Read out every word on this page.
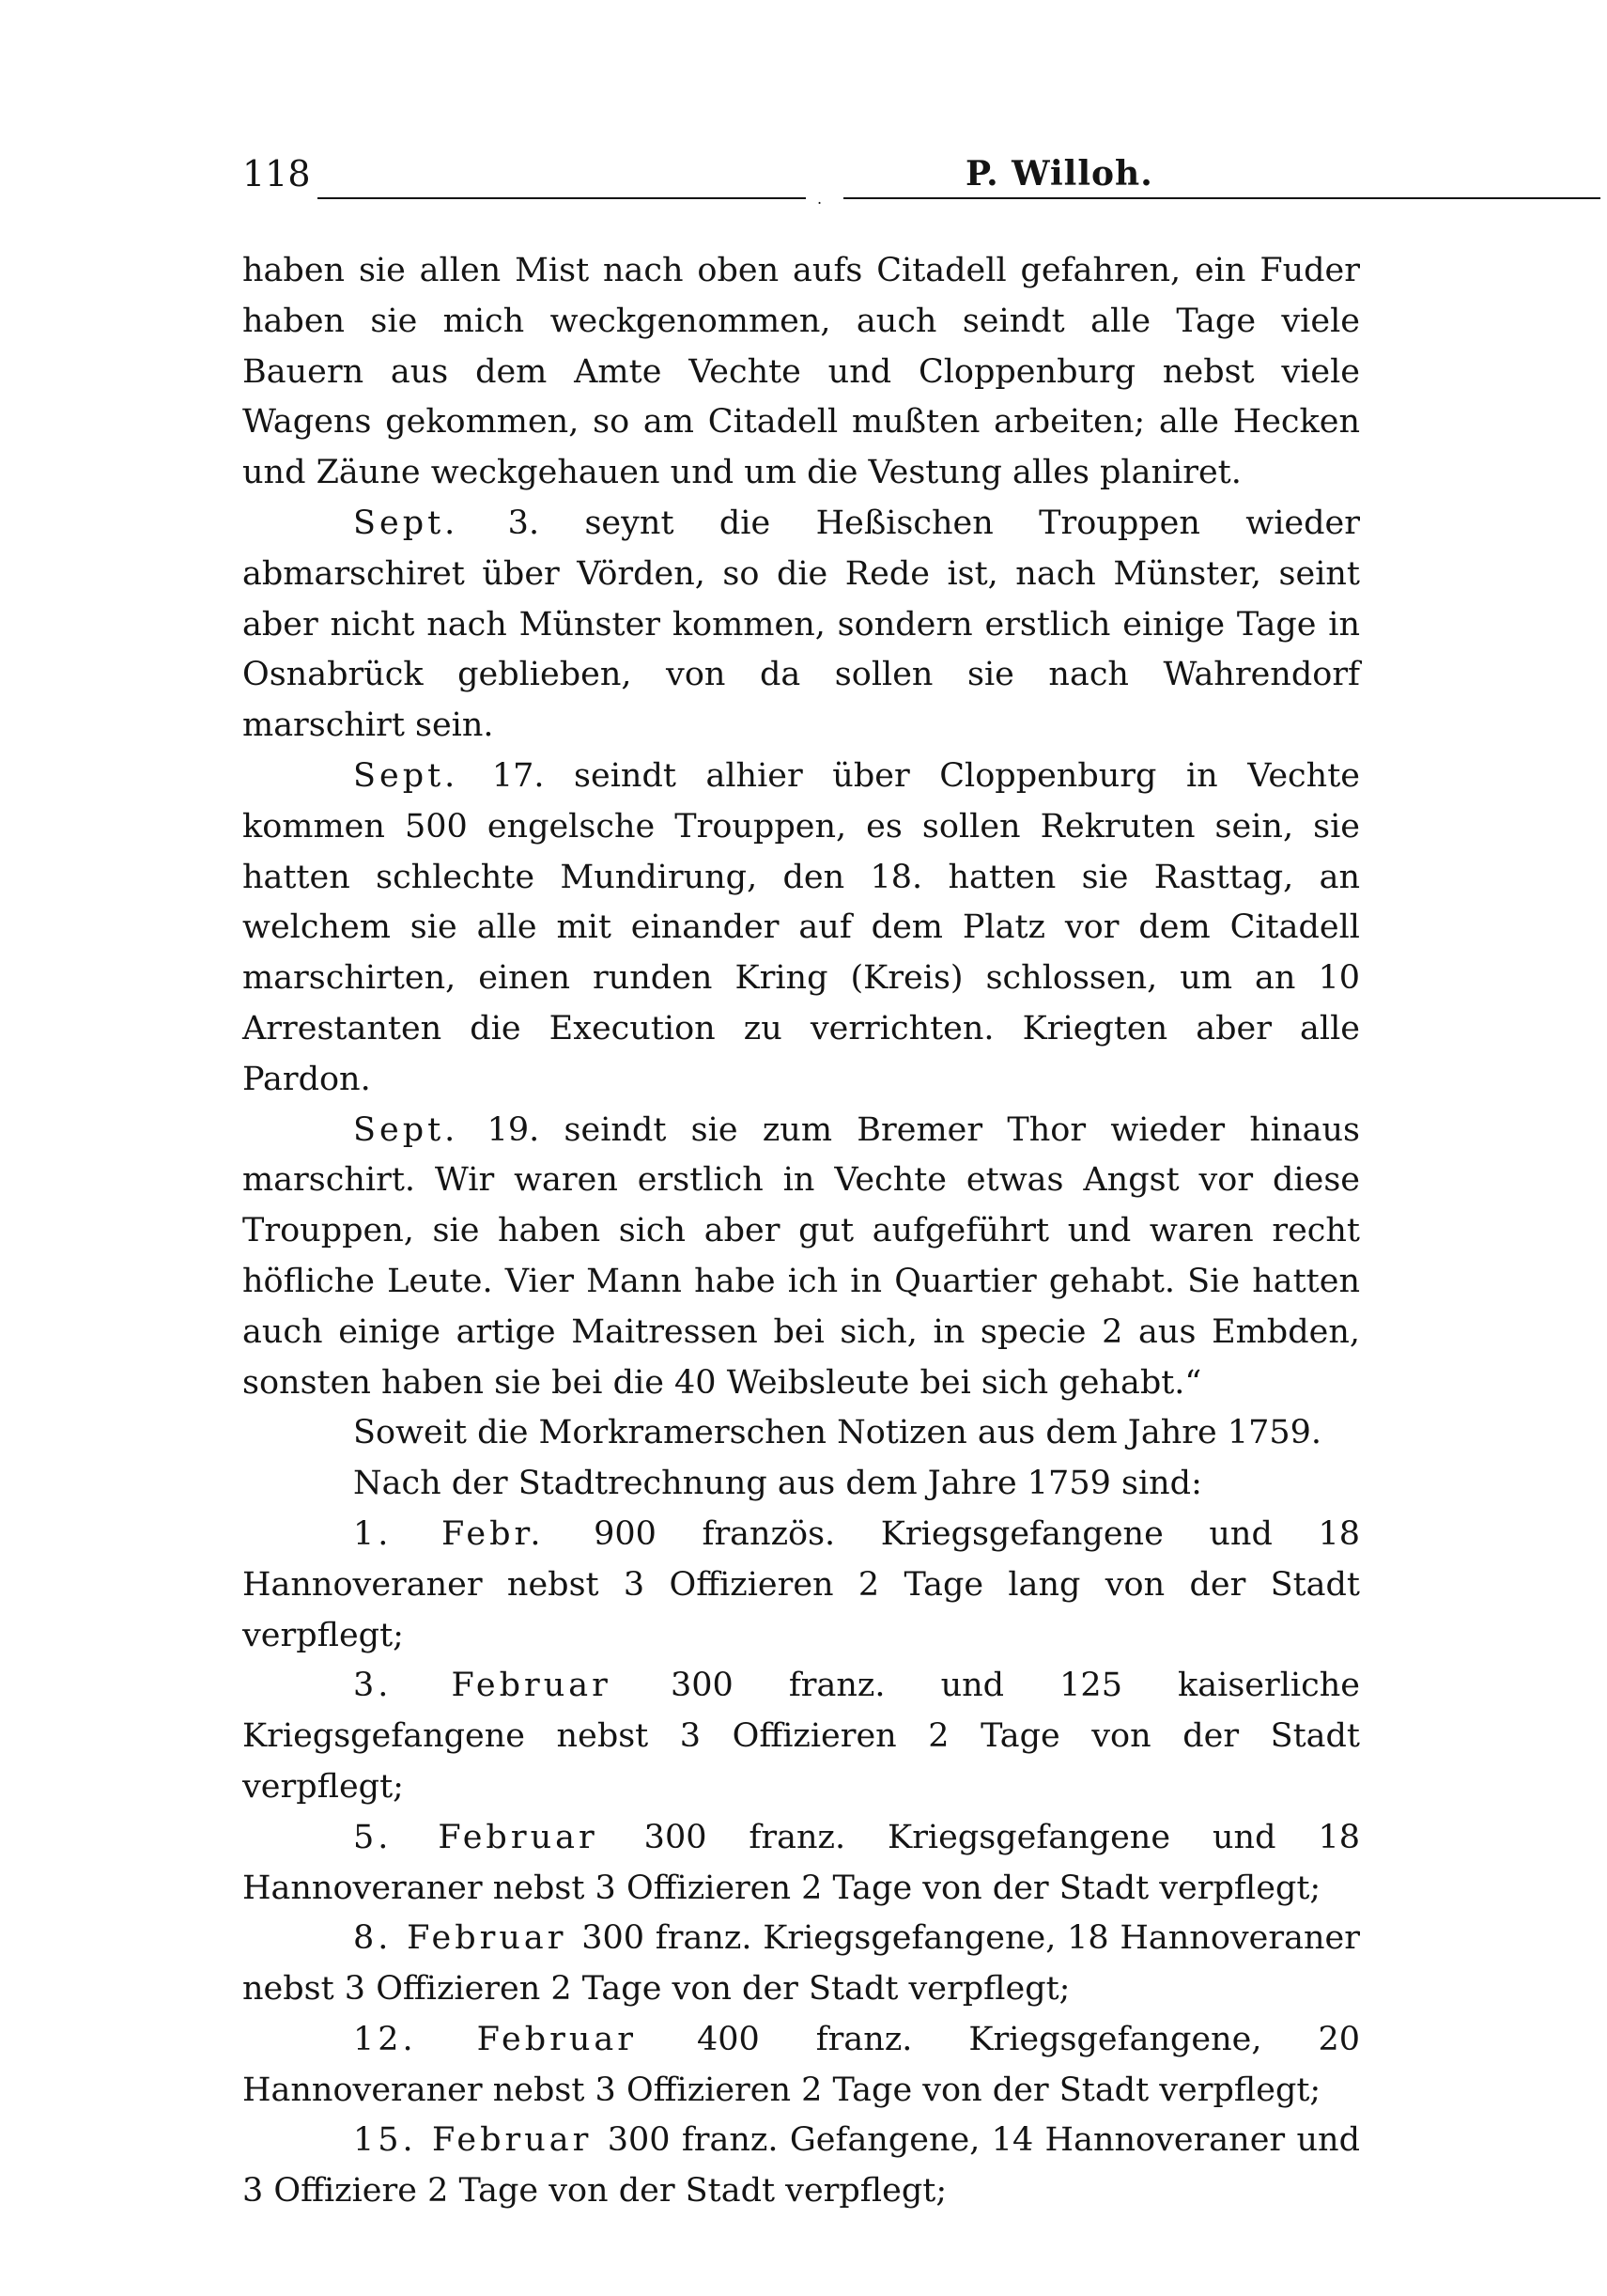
118
.
P. Willoh.

haben sie allen Mist nach oben aufs Citadell gefahren, ein Fuder haben sie mich weckgenommen, auch seindt alle Tage viele Bauern aus dem Amte Vechte und Cloppenburg nebst viele Wagens gekommen, so am Citadell mußten arbeiten; alle Hecken und Zäune weckgehauen und um die Vestung alles planiret.

Sept. 3. seynt die Heßischen Trouppen wieder abmarschiret über Vörden, so die Rede ist, nach Münster, seint aber nicht nach Münster kommen, sondern erstlich einige Tage in Osnabrück geblieben, von da sollen sie nach Wahrendorf marschirt sein.

Sept. 17. seindt alhier über Cloppenburg in Vechte kommen 500 engelsche Trouppen, es sollen Rekruten sein, sie hatten schlechte Mundirung, den 18. hatten sie Rasttag, an welchem sie alle mit einander auf dem Platz vor dem Citadell marschirten, einen runden Kring (Kreis) schlossen, um an 10 Arrestanten die Execution zu verrichten. Kriegten aber alle Pardon.

Sept. 19. seindt sie zum Bremer Thor wieder hinaus marschirt. Wir waren erstlich in Vechte etwas Angst vor diese Trouppen, sie haben sich aber gut aufgeführt und waren recht höfliche Leute. Vier Mann habe ich in Quartier gehabt. Sie hatten auch einige artige Maitressen bei sich, in specie 2 aus Embden, sonsten haben sie bei die 40 Weibsleute bei sich gehabt.“

Soweit die Morkramerschen Notizen aus dem Jahre 1759.

Nach der Stadtrechnung aus dem Jahre 1759 sind:

1. Febr. 900 französ. Kriegsgefangene und 18 Hannoveraner nebst 3 Offizieren 2 Tage lang von der Stadt verpflegt;

3. Februar 300 franz. und 125 kaiserliche Kriegsgefangene nebst 3 Offizieren 2 Tage von der Stadt verpflegt;

5. Februar 300 franz. Kriegsgefangene und 18 Hannoveraner nebst 3 Offizieren 2 Tage von der Stadt verpflegt;

8. Februar 300 franz. Kriegsgefangene, 18 Hannoveraner nebst 3 Offizieren 2 Tage von der Stadt verpflegt;

12. Februar 400 franz. Kriegsgefangene, 20 Hannoveraner nebst 3 Offizieren 2 Tage von der Stadt verpflegt;

15. Februar 300 franz. Gefangene, 14 Hannoveraner und 3 Offiziere 2 Tage von der Stadt verpflegt;
